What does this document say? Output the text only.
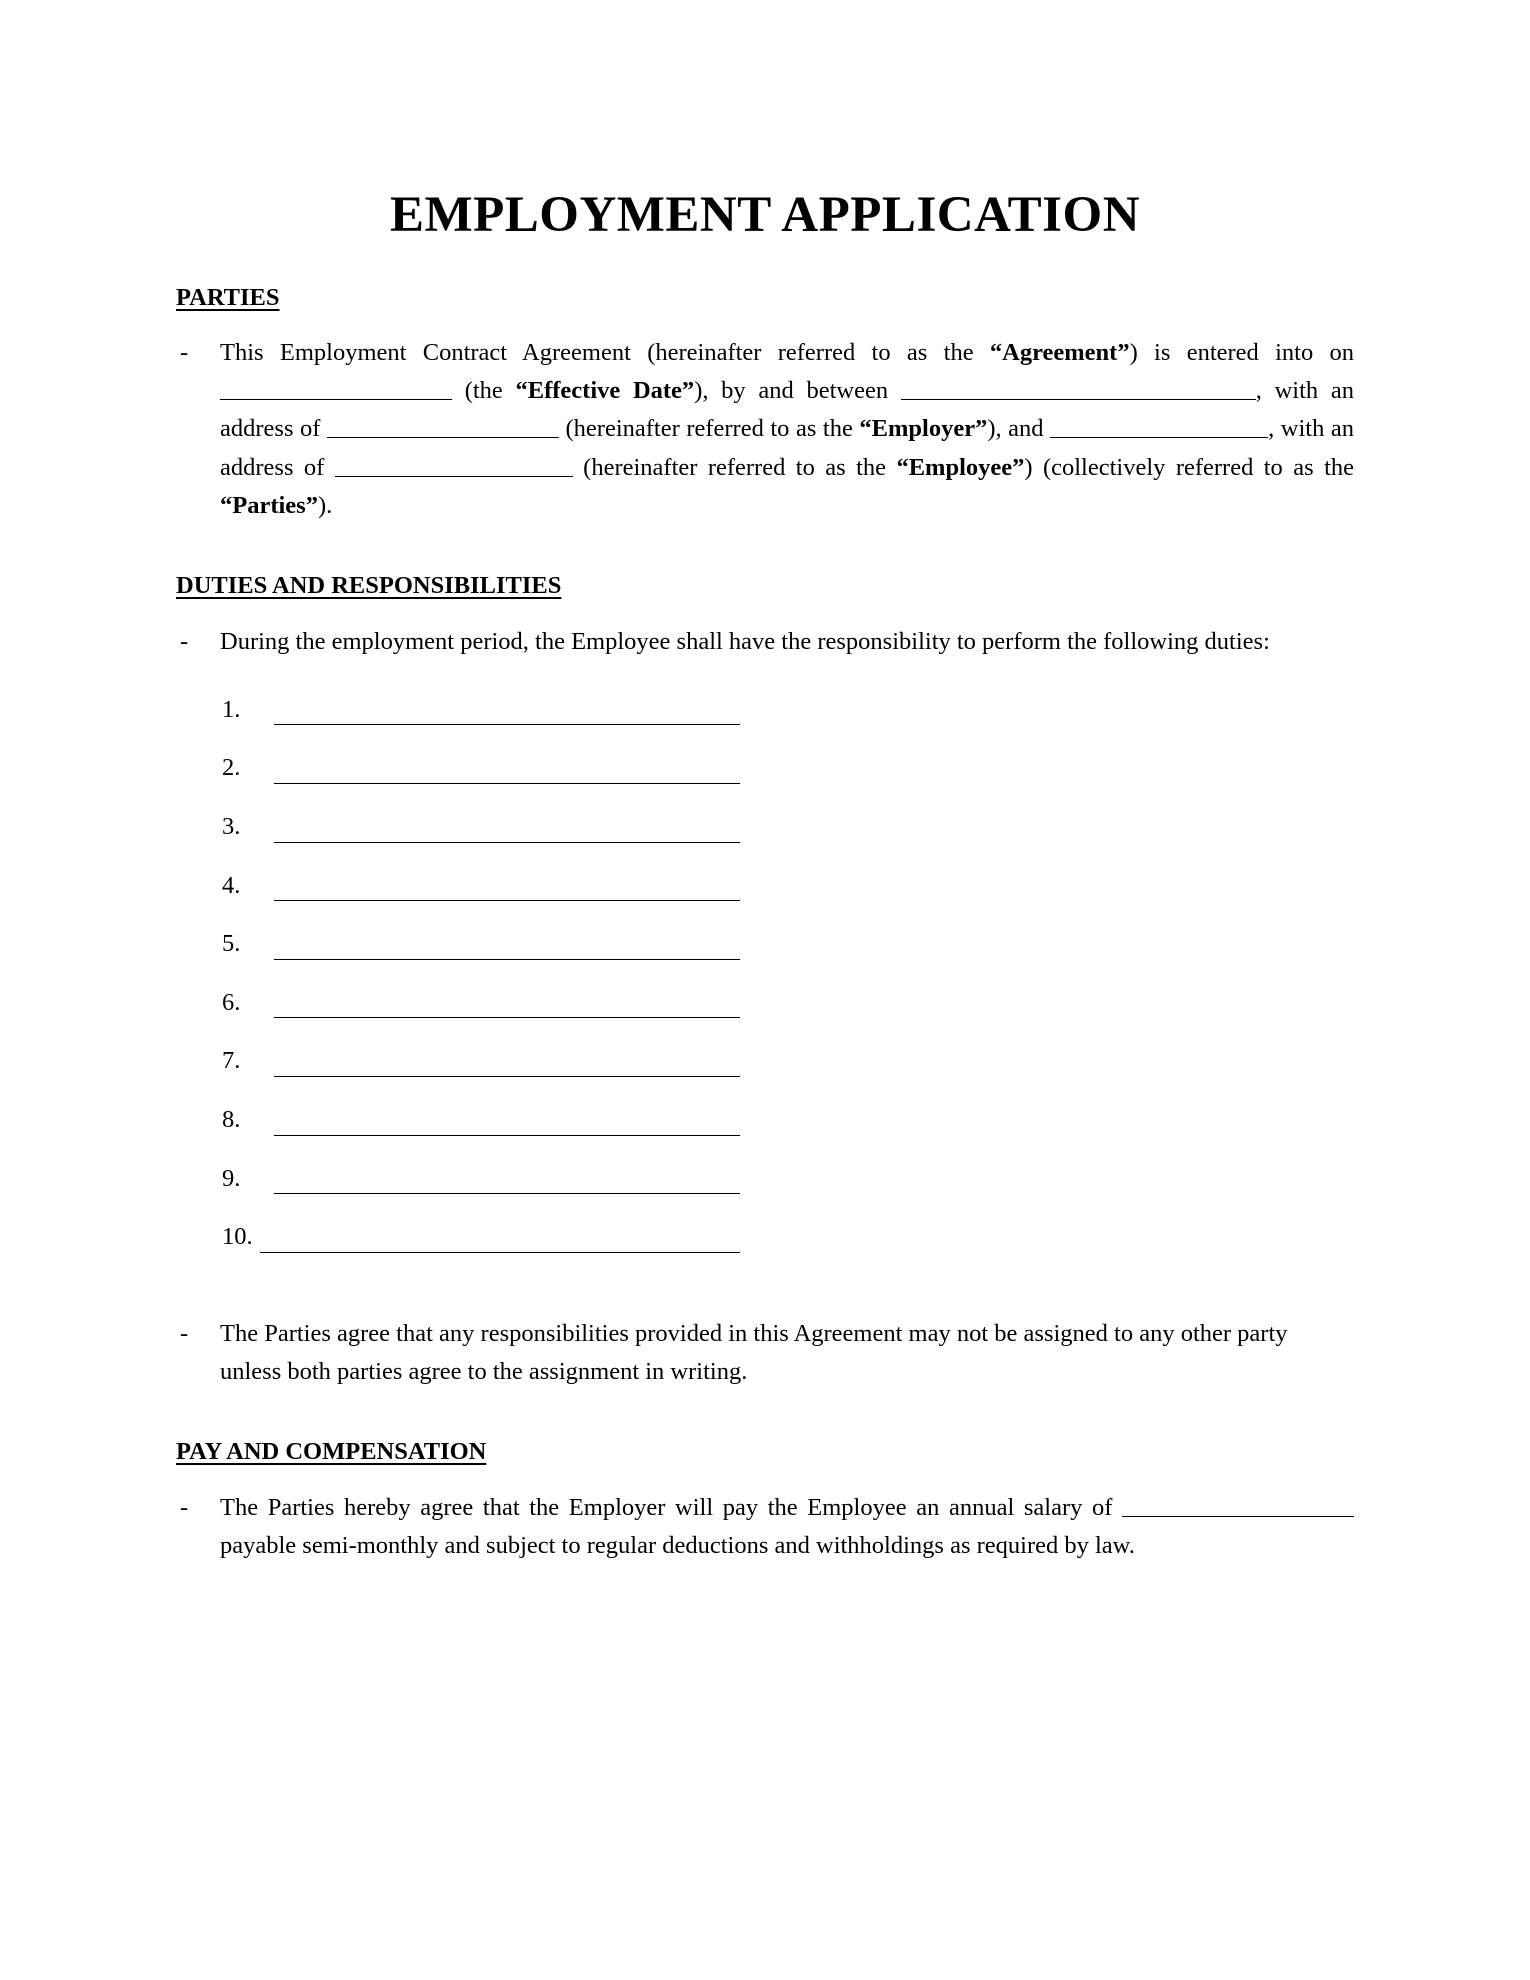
EMPLOYMENT APPLICATION
PARTIES
-	This Employment Contract Agreement (hereinafter referred to as the “Agreement”) is entered into on  (the “Effective Date”), by and between	, with an address of	(hereinafter referred to as the “Employer”), and	, with an address of	(hereinafter referred to as the “Employee”) (collectively referred to as the “Parties”).
DUTIES AND RESPONSIBILITIES
-	During the employment period, the Employee shall have the responsibility to perform the following duties:
1.
2.
3.
4.
5.
6.
7.
8.
9.
10.
-	The Parties agree that any responsibilities provided in this Agreement may not be assigned to any other party unless both parties agree to the assignment in writing.
PAY AND COMPENSATION
-	The Parties hereby agree that the Employer will pay the Employee an annual salary of  payable semi-monthly and subject to regular deductions and withholdings as required by law.
